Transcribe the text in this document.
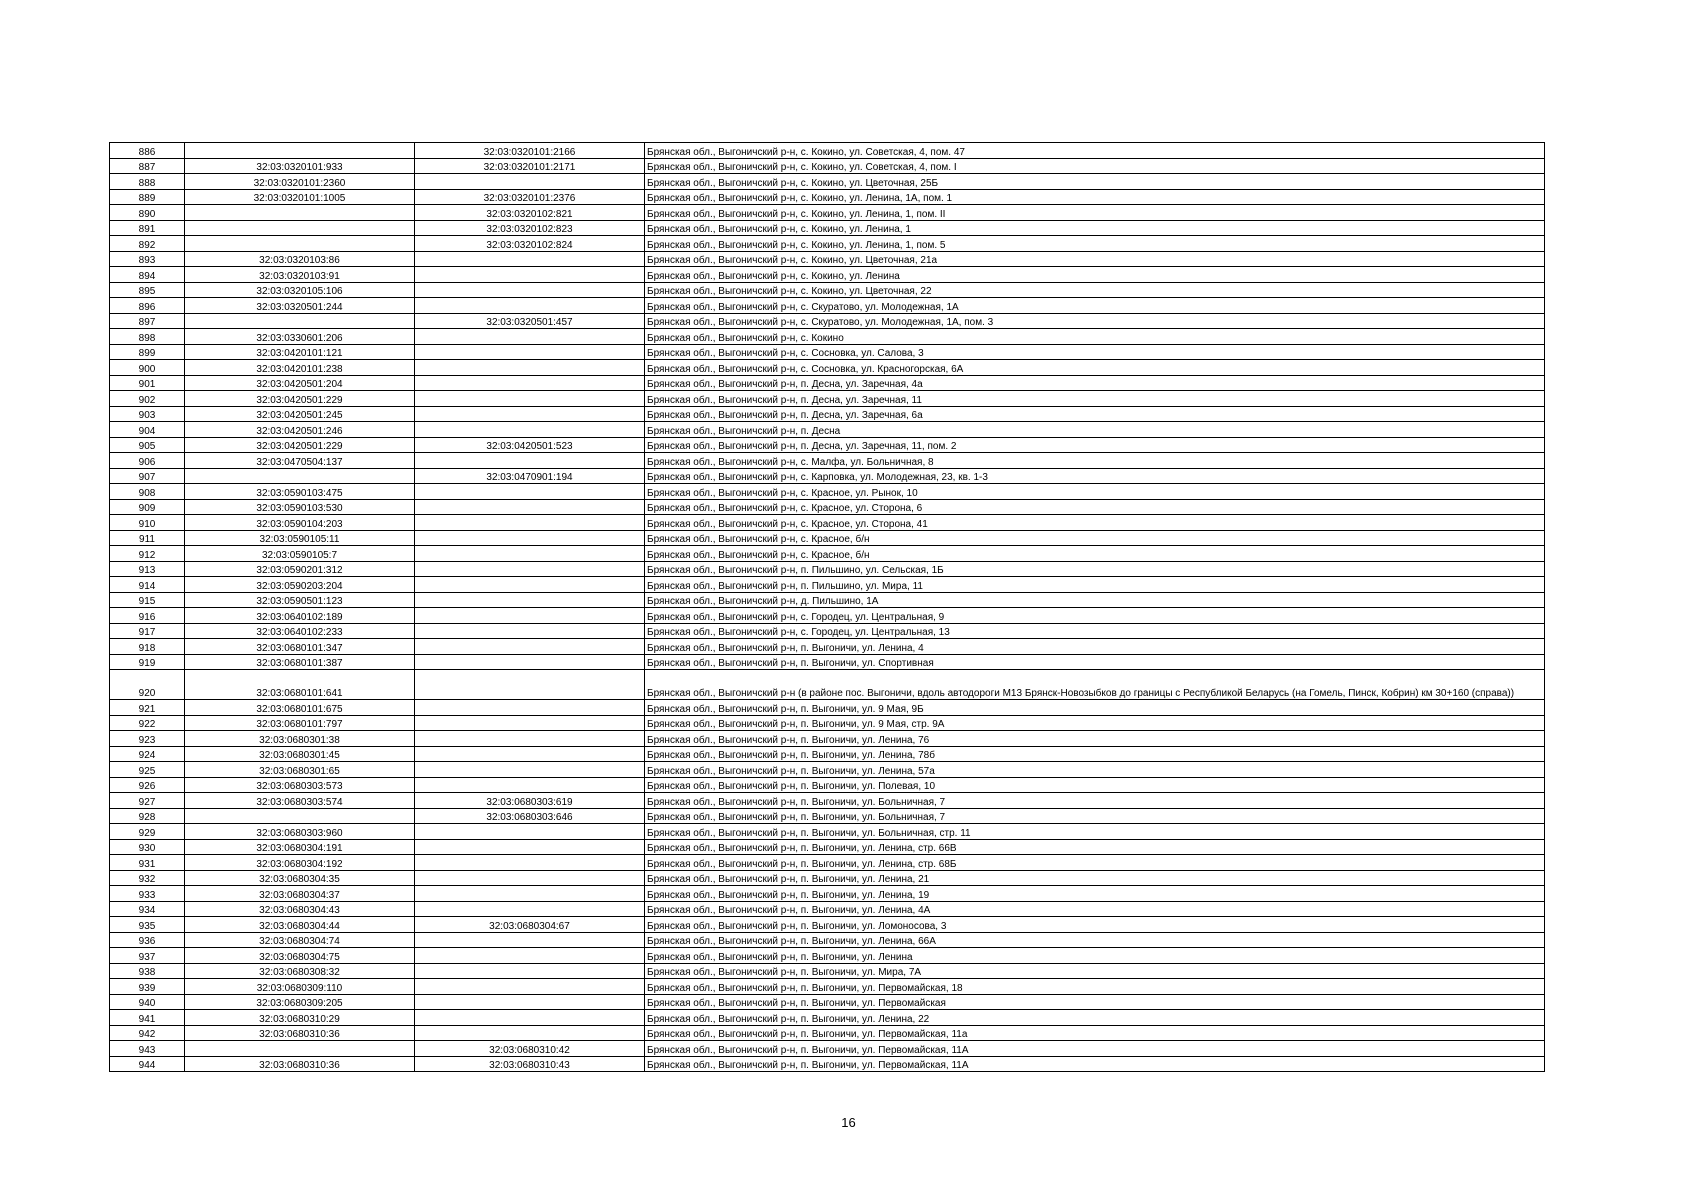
886		32:03:0320101:2166	Брянская обл., Выгоничский р-н, с. Кокино, ул. Советская, 4, пом. 47
887	32:03:0320101:933	32:03:0320101:2171	Брянская обл., Выгоничский р-н, с. Кокино, ул. Советская, 4, пом. I
888	32:03:0320101:2360		Брянская обл., Выгоничский р-н, с. Кокино, ул. Цветочная, 25Б
889	32:03:0320101:1005	32:03:0320101:2376	Брянская обл., Выгоничский р-н, с. Кокино, ул. Ленина, 1А, пом. 1
890		32:03:0320102:821	Брянская обл., Выгоничский р-н, с. Кокино, ул. Ленина, 1, пом. II
891		32:03:0320102:823	Брянская обл., Выгоничский р-н, с. Кокино, ул. Ленина, 1
892		32:03:0320102:824	Брянская обл., Выгоничский р-н, с. Кокино, ул. Ленина, 1, пом. 5
893	32:03:0320103:86		Брянская обл., Выгоничский р-н, с. Кокино, ул. Цветочная, 21а
894	32:03:0320103:91		Брянская обл., Выгоничский р-н, с. Кокино, ул. Ленина
895	32:03:0320105:106		Брянская обл., Выгоничский р-н, с. Кокино, ул. Цветочная, 22
896	32:03:0320501:244		Брянская обл., Выгоничский р-н, с. Скуратово, ул. Молодежная, 1А
897		32:03:0320501:457	Брянская обл., Выгоничский р-н, с. Скуратово, ул. Молодежная, 1А, пом. 3
898	32:03:0330601:206		Брянская обл., Выгоничский р-н, с. Кокино
899	32:03:0420101:121		Брянская обл., Выгоничский р-н, с. Сосновка, ул. Салова, 3
900	32:03:0420101:238		Брянская обл., Выгоничский р-н, с. Сосновка, ул. Красногорская, 6А
901	32:03:0420501:204		Брянская обл., Выгоничский р-н, п. Десна, ул. Заречная, 4а
902	32:03:0420501:229		Брянская обл., Выгоничский р-н, п. Десна, ул. Заречная, 11
903	32:03:0420501:245		Брянская обл., Выгоничский р-н, п. Десна, ул. Заречная, 6а
904	32:03:0420501:246		Брянская обл., Выгоничский р-н, п. Десна
905	32:03:0420501:229	32:03:0420501:523	Брянская обл., Выгоничский р-н, п. Десна, ул. Заречная, 11, пом. 2
906	32:03:0470504:137		Брянская обл., Выгоничский р-н, с. Малфа, ул. Больничная, 8
907		32:03:0470901:194	Брянская обл., Выгоничский р-н, с. Карповка, ул. Молодежная, 23, кв. 1-3
908	32:03:0590103:475		Брянская обл., Выгоничский р-н, с. Красное, ул. Рынок, 10
909	32:03:0590103:530		Брянская обл., Выгоничский р-н, с. Красное, ул. Сторона, 6
910	32:03:0590104:203		Брянская обл., Выгоничский р-н, с. Красное, ул. Сторона, 41
911	32:03:0590105:11		Брянская обл., Выгоничский р-н, с. Красное, б/н
912	32:03:0590105:7		Брянская обл., Выгоничский р-н, с. Красное, б/н
913	32:03:0590201:312		Брянская обл., Выгоничский р-н, п. Пильшино, ул. Сельская, 1Б
914	32:03:0590203:204		Брянская обл., Выгоничский р-н, п. Пильшино, ул. Мира, 11
915	32:03:0590501:123		Брянская обл., Выгоничский р-н, д. Пильшино, 1А
916	32:03:0640102:189		Брянская обл., Выгоничский р-н, с. Городец, ул. Центральная, 9
917	32:03:0640102:233		Брянская обл., Выгоничский р-н, с. Городец, ул. Центральная, 13
918	32:03:0680101:347		Брянская обл., Выгоничский р-н, п. Выгоничи, ул. Ленина, 4
919	32:03:0680101:387		Брянская обл., Выгоничский р-н, п. Выгоничи, ул. Спортивная
920	32:03:0680101:641		Брянская обл., Выгоничский р-н (в районе пос. Выгоничи, вдоль автодороги М13 Брянск-Новозыбков до границы с Республикой Беларусь (на Гомель, Пинск, Кобрин) км 30+160 (справа))
921	32:03:0680101:675		Брянская обл., Выгоничский р-н, п. Выгоничи, ул. 9 Мая, 9Б
922	32:03:0680101:797		Брянская обл., Выгоничский р-н, п. Выгоничи, ул. 9 Мая, стр. 9А
923	32:03:0680301:38		Брянская обл., Выгоничский р-н, п. Выгоничи, ул. Ленина, 76
924	32:03:0680301:45		Брянская обл., Выгоничский р-н, п. Выгоничи, ул. Ленина, 78б
925	32:03:0680301:65		Брянская обл., Выгоничский р-н, п. Выгоничи, ул. Ленина, 57а
926	32:03:0680303:573		Брянская обл., Выгоничский р-н, п. Выгоничи, ул. Полевая, 10
927	32:03:0680303:574	32:03:0680303:619	Брянская обл., Выгоничский р-н, п. Выгоничи, ул. Больничная, 7
928		32:03:0680303:646	Брянская обл., Выгоничский р-н, п. Выгоничи, ул. Больничная, 7
929	32:03:0680303:960		Брянская обл., Выгоничский р-н, п. Выгоничи, ул. Больничная, стр. 11
930	32:03:0680304:191		Брянская обл., Выгоничский р-н, п. Выгоничи, ул. Ленина, стр. 66В
931	32:03:0680304:192		Брянская обл., Выгоничский р-н, п. Выгоничи, ул. Ленина, стр. 68Б
932	32:03:0680304:35		Брянская обл., Выгоничский р-н, п. Выгоничи, ул. Ленина, 21
933	32:03:0680304:37		Брянская обл., Выгоничский р-н, п. Выгоничи, ул. Ленина, 19
934	32:03:0680304:43		Брянская обл., Выгоничский р-н, п. Выгоничи, ул. Ленина, 4А
935	32:03:0680304:44	32:03:0680304:67	Брянская обл., Выгоничский р-н, п. Выгоничи, ул. Ломоносова, 3
936	32:03:0680304:74		Брянская обл., Выгоничский р-н, п. Выгоничи, ул. Ленина, 66А
937	32:03:0680304:75		Брянская обл., Выгоничский р-н, п. Выгоничи, ул. Ленина
938	32:03:0680308:32		Брянская обл., Выгоничский р-н, п. Выгоничи, ул. Мира, 7А
939	32:03:0680309:110		Брянская обл., Выгоничский р-н, п. Выгоничи, ул. Первомайская, 18
940	32:03:0680309:205		Брянская обл., Выгоничский р-н, п. Выгоничи, ул. Первомайская
941	32:03:0680310:29		Брянская обл., Выгоничский р-н, п. Выгоничи, ул. Ленина, 22
942	32:03:0680310:36		Брянская обл., Выгоничский р-н, п. Выгоничи, ул. Первомайская, 11а
943		32:03:0680310:42	Брянская обл., Выгоничский р-н, п. Выгоничи, ул. Первомайская, 11А
944	32:03:0680310:36	32:03:0680310:43	Брянская обл., Выгоничский р-н, п. Выгоничи, ул. Первомайская, 11А
16
